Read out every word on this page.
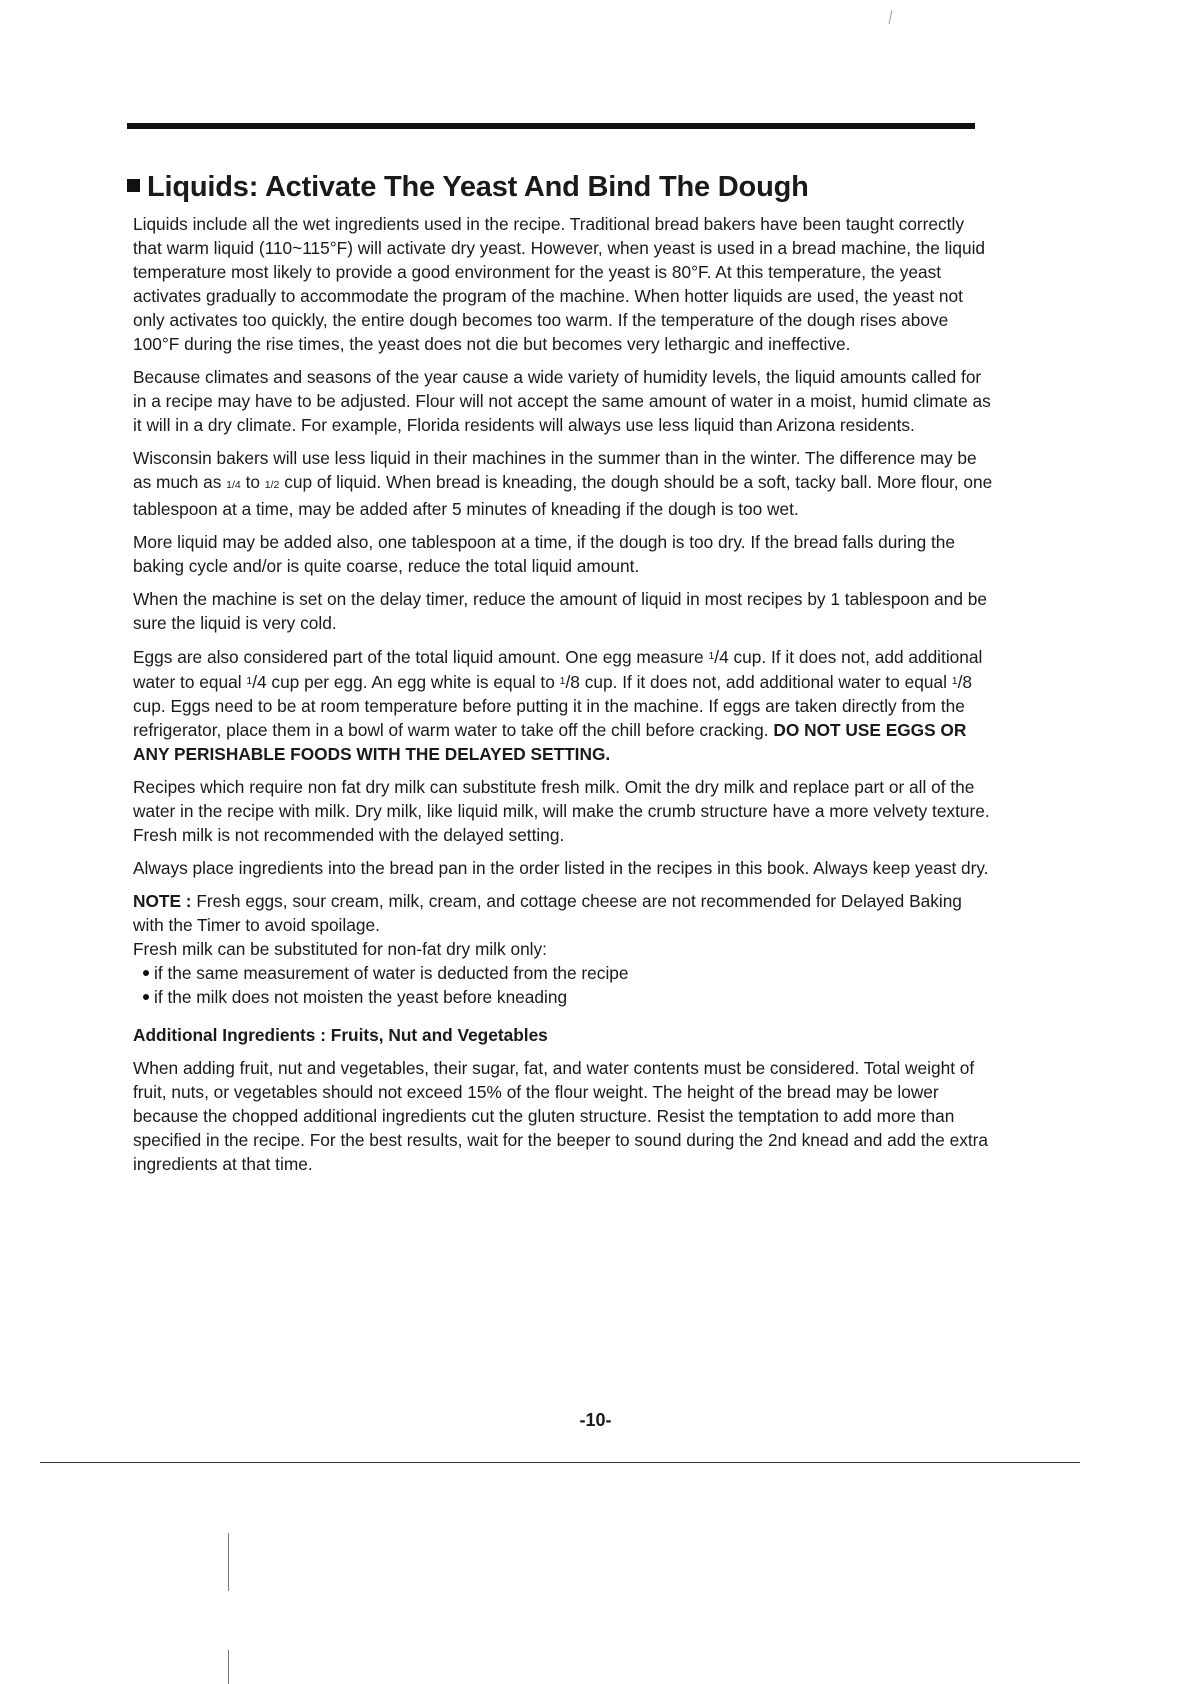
Liquids: Activate The Yeast And Bind The Dough

Liquids include all the wet ingredients used in the recipe. Traditional bread bakers have been taught correctly that warm liquid (110~115°F) will activate dry yeast. However, when yeast is used in a bread machine, the liquid temperature most likely to provide a good environment for the yeast is 80°F. At this temperature, the yeast activates gradually to accommodate the program of the machine. When hotter liquids are used, the yeast not only activates too quickly, the entire dough becomes too warm. If the temperature of the dough rises above 100°F during the rise times, the yeast does not die but becomes very lethargic and ineffective.

Because climates and seasons of the year cause a wide variety of humidity levels, the liquid amounts called for in a recipe may have to be adjusted. Flour will not accept the same amount of water in a moist, humid climate as it will in a dry climate. For example, Florida residents will always use less liquid than Arizona residents.

Wisconsin bakers will use less liquid in their machines in the summer than in the winter. The difference may be as much as 1/4 to 1/2 cup of liquid. When bread is kneading, the dough should be a soft, tacky ball. More flour, one tablespoon at a time, may be added after 5 minutes of kneading if the dough is too wet.

More liquid may be added also, one tablespoon at a time, if the dough is too dry. If the bread falls during the baking cycle and/or is quite coarse, reduce the total liquid amount.

When the machine is set on the delay timer, reduce the amount of liquid in most recipes by 1 tablespoon and be sure the liquid is very cold.

Eggs are also considered part of the total liquid amount. One egg measure $^1$/4 cup. If it does not, add additional water to equal $^1$/4 cup per egg. An egg white is equal to $^1$/8 cup. If it does not, add additional water to equal $^1$/8 cup. Eggs need to be at room temperature before putting it in the machine. If eggs are taken directly from the refrigerator, place them in a bowl of warm water to take off the chill before cracking. DO NOT USE EGGS OR ANY PERISHABLE FOODS WITH THE DELAYED SETTING.

Recipes which require non fat dry milk can substitute fresh milk. Omit the dry milk and replace part or all of the water in the recipe with milk. Dry milk, like liquid milk, will make the crumb structure have a more velvety texture. Fresh milk is not recommended with the delayed setting.

Always place ingredients into the bread pan in the order listed in the recipes in this book. Always keep yeast dry.

NOTE : Fresh eggs, sour cream, milk, cream, and cottage cheese are not recommended for Delayed Baking with the Timer to avoid spoilage.

Fresh milk can be substituted for non-fat dry milk only:

if the same measurement of water is deducted from the recipe
if the milk does not moisten the yeast before kneading

Additional Ingredients : Fruits, Nut and Vegetables

When adding fruit, nut and vegetables, their sugar, fat, and water contents must be considered. Total weight of fruit, nuts, or vegetables should not exceed 15% of the flour weight. The height of the bread may be lower because the chopped additional ingredients cut the gluten structure. Resist the temptation to add more than specified in the recipe. For the best results, wait for the beeper to sound during the 2nd knead and add the extra ingredients at that time.

-10-
